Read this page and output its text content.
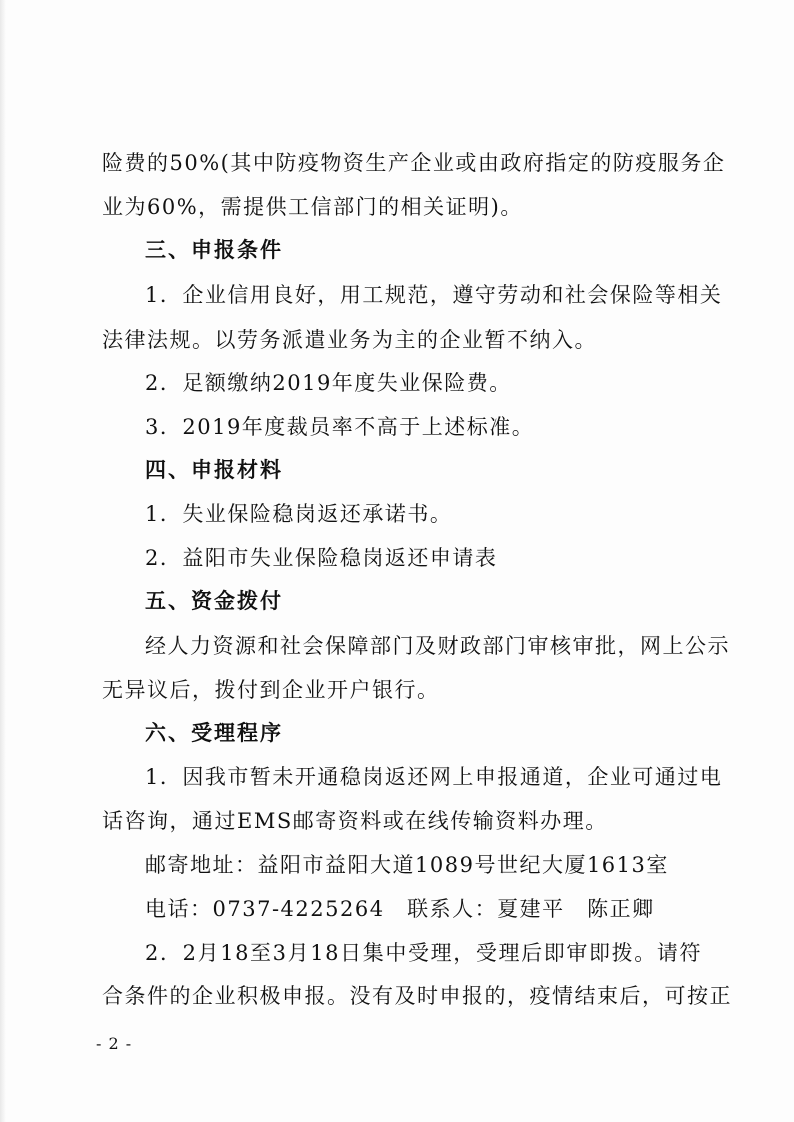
险费的50%(其中防疫物资生产企业或由政府指定的防疫服务企
业为60%，需提供工信部门的相关证明)。
三、申报条件
1．企业信用良好，用工规范，遵守劳动和社会保险等相关
法律法规。以劳务派遣业务为主的企业暂不纳入。
2．足额缴纳2019年度失业保险费。
3．2019年度裁员率不高于上述标准。
四、申报材料
1．失业保险稳岗返还承诺书。
2．益阳市失业保险稳岗返还申请表
五、资金拨付
经人力资源和社会保障部门及财政部门审核审批，网上公示
无异议后，拨付到企业开户银行。
六、受理程序
1．因我市暂未开通稳岗返还网上申报通道，企业可通过电
话咨询，通过EMS邮寄资料或在线传输资料办理。
邮寄地址：益阳市益阳大道1089号世纪大厦1613室
电话：0737-4225264　联系人：夏建平　陈正卿
2．2月18至3月18日集中受理，受理后即审即拨。请符
合条件的企业积极申报。没有及时申报的，疫情结束后，可按正
- 2 -
